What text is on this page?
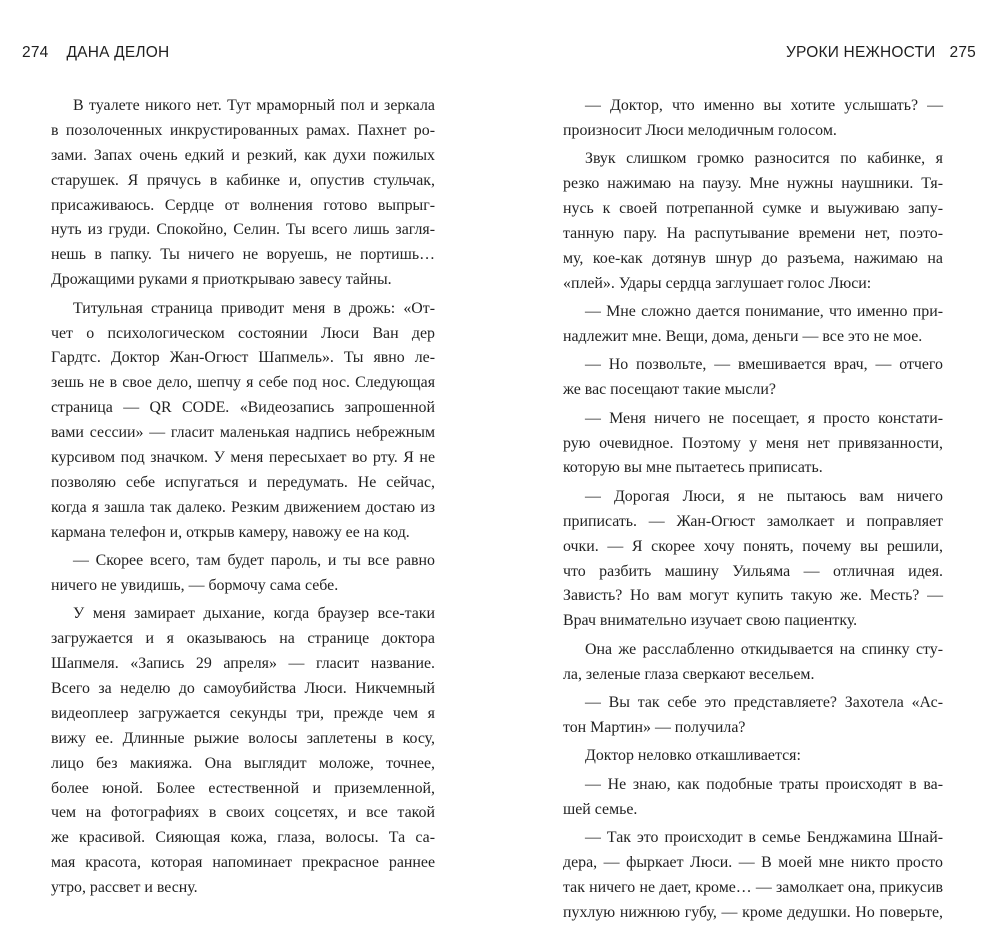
274 ДАНА ДЕЛОН
В туалете никого нет. Тут мраморный пол и зеркала
в позолоченных инкрустированных рамах. Пахнет ро-
зами. Запах очень едкий и резкий, как духи пожилых
старушек. Я прячусь в кабинке и, опустив стульчак,
присаживаюсь. Сердце от волнения готово выпрыг-
нуть из груди. Спокойно, Селин. Ты всего лишь загля-
нешь в папку. Ты ничего не воруешь, не портишь…
Дрожащими руками я приоткрываю завесу тайны.
Титульная страница приводит меня в дрожь: «От-
чет о психологическом состоянии Люси Ван дер
Гардтс. Доктор Жан-Огюст Шапмель». Ты явно ле-
зешь не в свое дело, шепчу я себе под нос. Следующая
страница — QR CODE. «Видеозапись запрошенной
вами сессии» — гласит маленькая надпись небрежным
курсивом под значком. У меня пересыхает во рту. Я не
позволяю себе испугаться и передумать. Не сейчас,
когда я зашла так далеко. Резким движением достаю из
кармана телефон и, открыв камеру, навожу ее на код.
— Скорее всего, там будет пароль, и ты все равно
ничего не увидишь, — бормочу сама себе.
У меня замирает дыхание, когда браузер все-таки
загружается и я оказываюсь на странице доктора
Шапмеля. «Запись 29 апреля» — гласит название.
Всего за неделю до самоубийства Люси. Никчемный
видеоплеер загружается секунды три, прежде чем я
вижу ее. Длинные рыжие волосы заплетены в косу,
лицо без макияжа. Она выглядит моложе, точнее,
более юной. Более естественной и приземленной,
чем на фотографиях в своих соцсетях, и все такой
же красивой. Сияющая кожа, глаза, волосы. Та са-
мая красота, которая напоминает прекрасное раннее
утро, рассвет и весну.
УРОКИ НЕЖНОСТИ 275
— Доктор, что именно вы хотите услышать? —
произносит Люси мелодичным голосом.
Звук слишком громко разносится по кабинке, я
резко нажимаю на паузу. Мне нужны наушники. Тя-
нусь к своей потрепанной сумке и выуживаю запу-
танную пару. На распутывание времени нет, поэто-
му, кое-как дотянув шнур до разъема, нажимаю на
«плей». Удары сердца заглушает голос Люси:
— Мне сложно дается понимание, что именно при-
надлежит мне. Вещи, дома, деньги — все это не мое.
— Но позвольте, — вмешивается врач, — отчего
же вас посещают такие мысли?
— Меня ничего не посещает, я просто констати-
рую очевидное. Поэтому у меня нет привязанности,
которую вы мне пытаетесь приписать.
— Дорогая Люси, я не пытаюсь вам ничего
приписать. — Жан-Огюст замолкает и поправляет
очки. — Я скорее хочу понять, почему вы решили,
что разбить машину Уильяма — отличная идея.
Зависть? Но вам могут купить такую же. Месть? —
Врач внимательно изучает свою пациентку.
Она же расслабленно откидывается на спинку сту-
ла, зеленые глаза сверкают весельем.
— Вы так себе это представляете? Захотела «Ас-
тон Мартин» — получила?
Доктор неловко откашливается:
— Не знаю, как подобные траты происходят в ва-
шей семье.
— Так это происходит в семье Бенджамина Шнай-
дера, — фыркает Люси. — В моей мне никто просто
так ничего не дает, кроме… — замолкает она, прикусив
пухлую нижнюю губу, — кроме дедушки. Но поверьте,
